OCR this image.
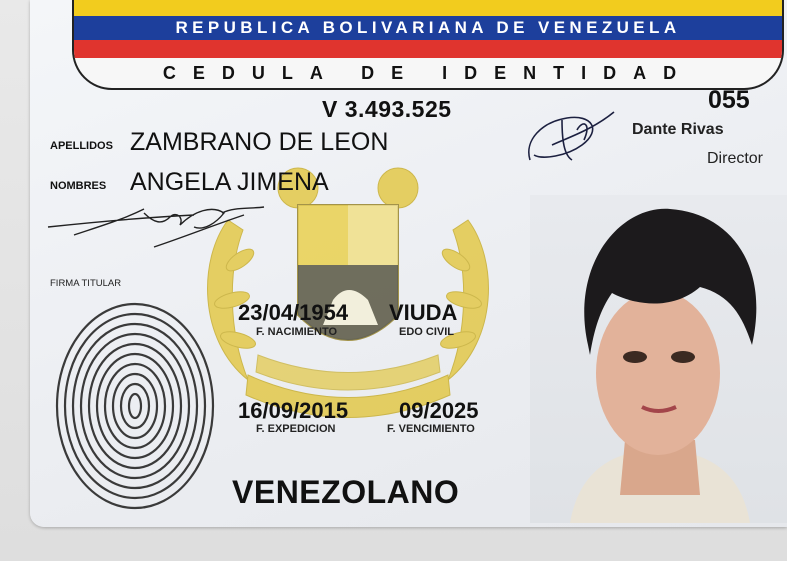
REPUBLICA BOLIVARIANA DE VENEZUELA
CEDULA DE IDENTIDAD
V 3.493.525	055
Dante Rivas
Director
APELLIDOS ZAMBRANO DE LEON
NOMBRES ANGELA JIMENA
FIRMA TITULAR
23/04/1954
F. NACIMIENTO
VIUDA
EDO CIVIL
16/09/2015
F. EXPEDICION
09/2025
F. VENCIMIENTO
VENEZOLANO
